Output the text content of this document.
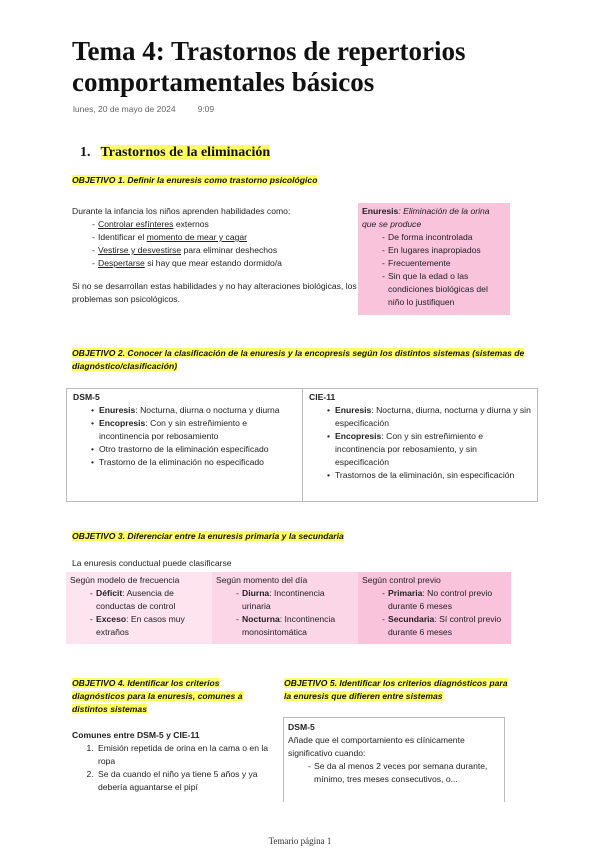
Tema 4: Trastornos de repertorios comportamentales básicos
lunes, 20 de mayo de 2024	9:09
1. Trastornos de la eliminación
OBJETIVO 1. Definir la enuresis como trastorno psicológico
Durante la infancia los niños aprenden habilidades como:
- Controlar esfínteres externos
- Identificar el momento de mear y cagar
- Vestirse y desvestirse para eliminar deshechos
- Despertarse si hay que mear estando dormido/a
Si no se desarrollan estas habilidades y no hay alteraciones biológicas, los problemas son psicológicos.
Enuresis: Eliminación de la orina que se produce
- De forma incontrolada
- En lugares inapropiados
- Frecuentemente
- Sin que la edad o las condiciones biológicas del niño lo justifiquen
OBJETIVO 2. Conocer la clasificación de la enuresis y la encopresis según los distintos sistemas (sistemas de diagnóstico/clasificación)
DSM-5
• Enuresis: Nocturna, diurna o nocturna y diurna
• Encopresis: Con y sin estreñimiento e incontinencia por rebosamiento
• Otro trastorno de la eliminación especificado
• Trastorno de la eliminación no especificado
CIE-11
• Enuresis: Nocturna, diurna, nocturna y diurna y sin especificación
• Encopresis: Con y sin estreñimiento e incontinencia por rebosamiento, y sin especificación
• Trastornos de la eliminación, sin especificación
OBJETIVO 3. Diferenciar entre la enuresis primaria y la secundaria
La enuresis conductual puede clasificarse
Según modelo de frecuencia
- Déficit: Ausencia de conductas de control
- Exceso: En casos muy extraños
Según momento del día
- Diurna: Incontinencia urinaria
- Nocturna: Incontinencia monosintomática
Según control previo
- Primaria: No control previo durante 6 meses
- Secundaria: Sí control previo durante 6 meses
OBJETIVO 4. Identificar los criterios diagnósticos para la enuresis, comunes a distintos sistemas
Comunes entre DSM-5 y CIE-11
1. Emisión repetida de orina en la cama o en la ropa
2. Se da cuando el niño ya tiene 5 años y ya debería aguantarse el pipí
OBJETIVO 5. Identificar los criterios diagnósticos para la enuresis que difieren entre sistemas
DSM-5
Añade que el comportamiento es clínicamente significativo cuando:
- Se da al menos 2 veces por semana durante, mínimo, tres meses consecutivos, o...
Temario página 1
